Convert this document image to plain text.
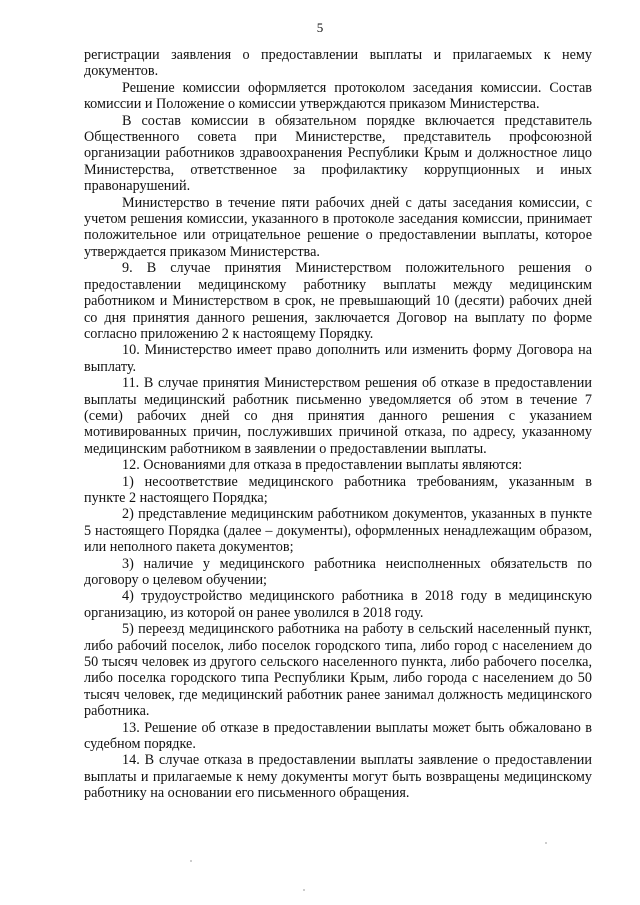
5

регистрации заявления о предоставлении выплаты и прилагаемых к нему документов.

Решение комиссии оформляется протоколом заседания комиссии. Состав комиссии и Положение о комиссии утверждаются приказом Министерства.

В состав комиссии в обязательном порядке включается представитель Общественного совета при Министерстве, представитель профсоюзной организации работников здравоохранения Республики Крым и должностное лицо Министерства, ответственное за профилактику коррупционных и иных правонарушений.

Министерство в течение пяти рабочих дней с даты заседания комиссии, с учетом решения комиссии, указанного в протоколе заседания комиссии, принимает положительное или отрицательное решение о предоставлении выплаты, которое утверждается приказом Министерства.

9. В случае принятия Министерством положительного решения о предоставлении медицинскому работнику выплаты между медицинским работником и Министерством в срок, не превышающий 10 (десяти) рабочих дней со дня принятия данного решения, заключается Договор на выплату по форме согласно приложению 2 к настоящему Порядку.

10. Министерство имеет право дополнить или изменить форму Договора на выплату.

11. В случае принятия Министерством решения об отказе в предоставлении выплаты медицинский работник письменно уведомляется об этом в течение 7 (семи) рабочих дней со дня принятия данного решения с указанием мотивированных причин, послуживших причиной отказа, по адресу, указанному медицинским работником в заявлении о предоставлении выплаты.

12. Основаниями для отказа в предоставлении выплаты являются:

1) несоответствие медицинского работника требованиям, указанным в пункте 2 настоящего Порядка;

2) представление медицинским работником документов, указанных в пункте 5 настоящего Порядка (далее – документы), оформленных ненадлежащим образом, или неполного пакета документов;

3) наличие у медицинского работника неисполненных обязательств по договору о целевом обучении;

4) трудоустройство медицинского работника в 2018 году в медицинскую организацию, из которой он ранее уволился в 2018 году.

5) переезд медицинского работника на работу в сельский населенный пункт, либо рабочий поселок, либо поселок городского типа, либо город с населением до 50 тысяч человек из другого сельского населенного пункта, либо рабочего поселка, либо поселка городского типа Республики Крым, либо города с населением до 50 тысяч человек, где медицинский работник ранее занимал должность медицинского работника.

13. Решение об отказе в предоставлении выплаты может быть обжаловано в судебном порядке.

14. В случае отказа в предоставлении выплаты заявление о предоставлении выплаты и прилагаемые к нему документы могут быть возвращены медицинскому работнику на основании его письменного обращения.
